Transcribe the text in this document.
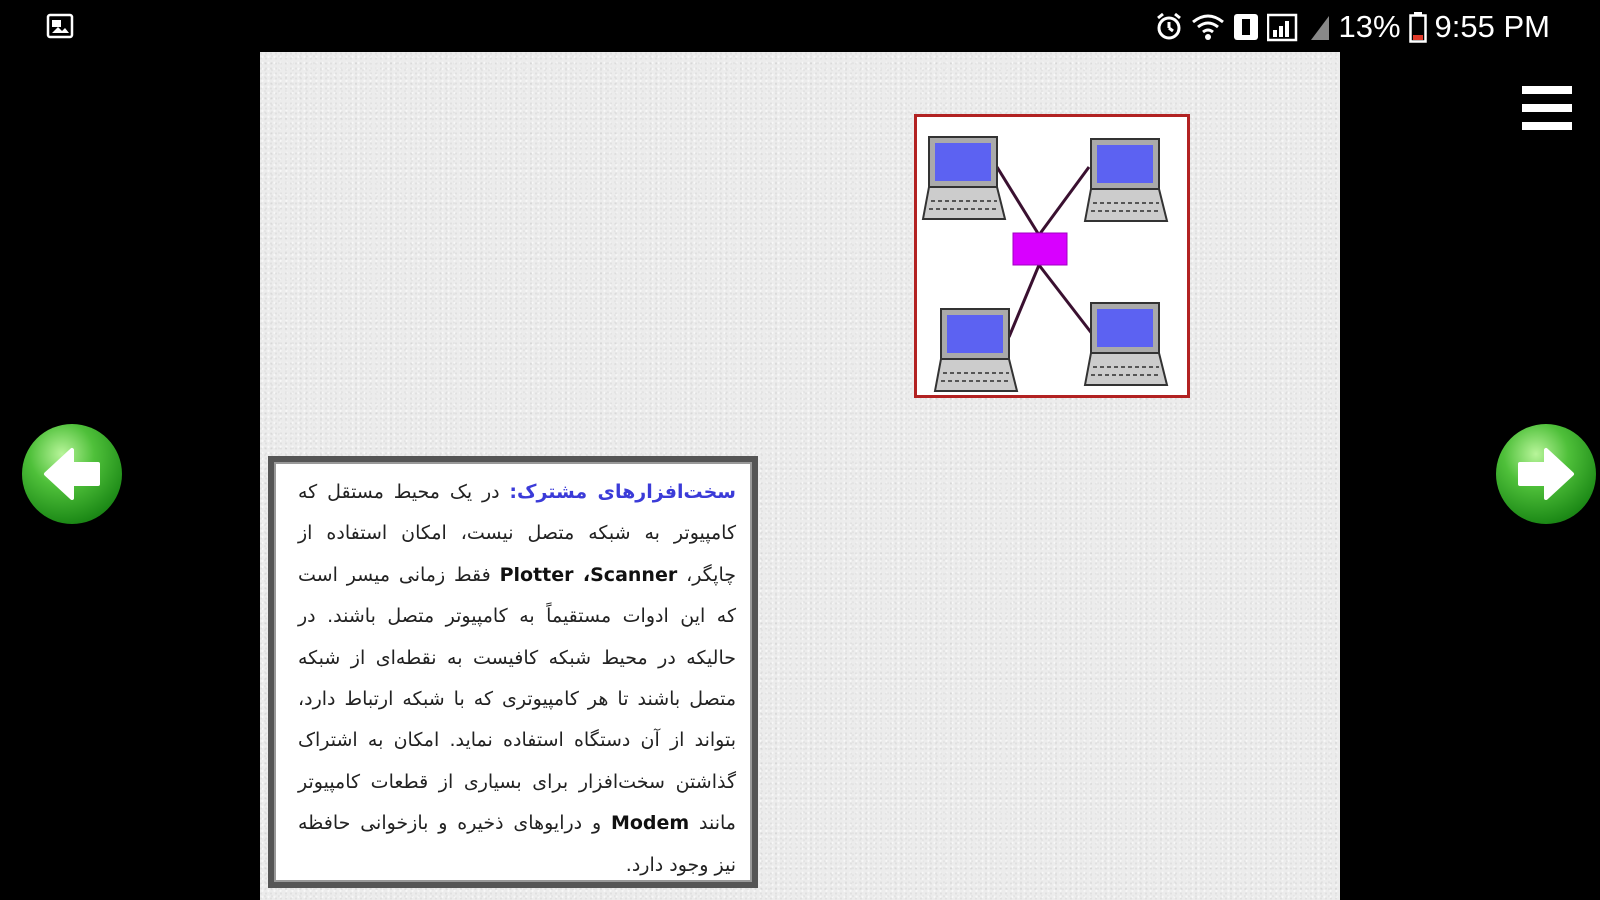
13% 9:55 PM
سخت‌افزارهای مشترک: در یک محیط مستقل که کامپیوتر به شبکه متصل نیست، امکان استفاده از چاپگر، Plotter ،Scanner فقط زمانی میسر است که این ادوات مستقیماً به کامپیوتر متصل باشند. در حالیکه در محیط شبکه کافیست به نقطه‌ای از شبکه متصل باشند تا هر کامپیوتری که با شبکه ارتباط دارد، بتواند از آن دستگاه استفاده نماید. امکان به اشتراک گذاشتن سخت‌افزار برای بسیاری از قطعات کامپیوتر مانند Modem و درایوهای ذخیره و بازخوانی حافظه نیز وجود دارد.
